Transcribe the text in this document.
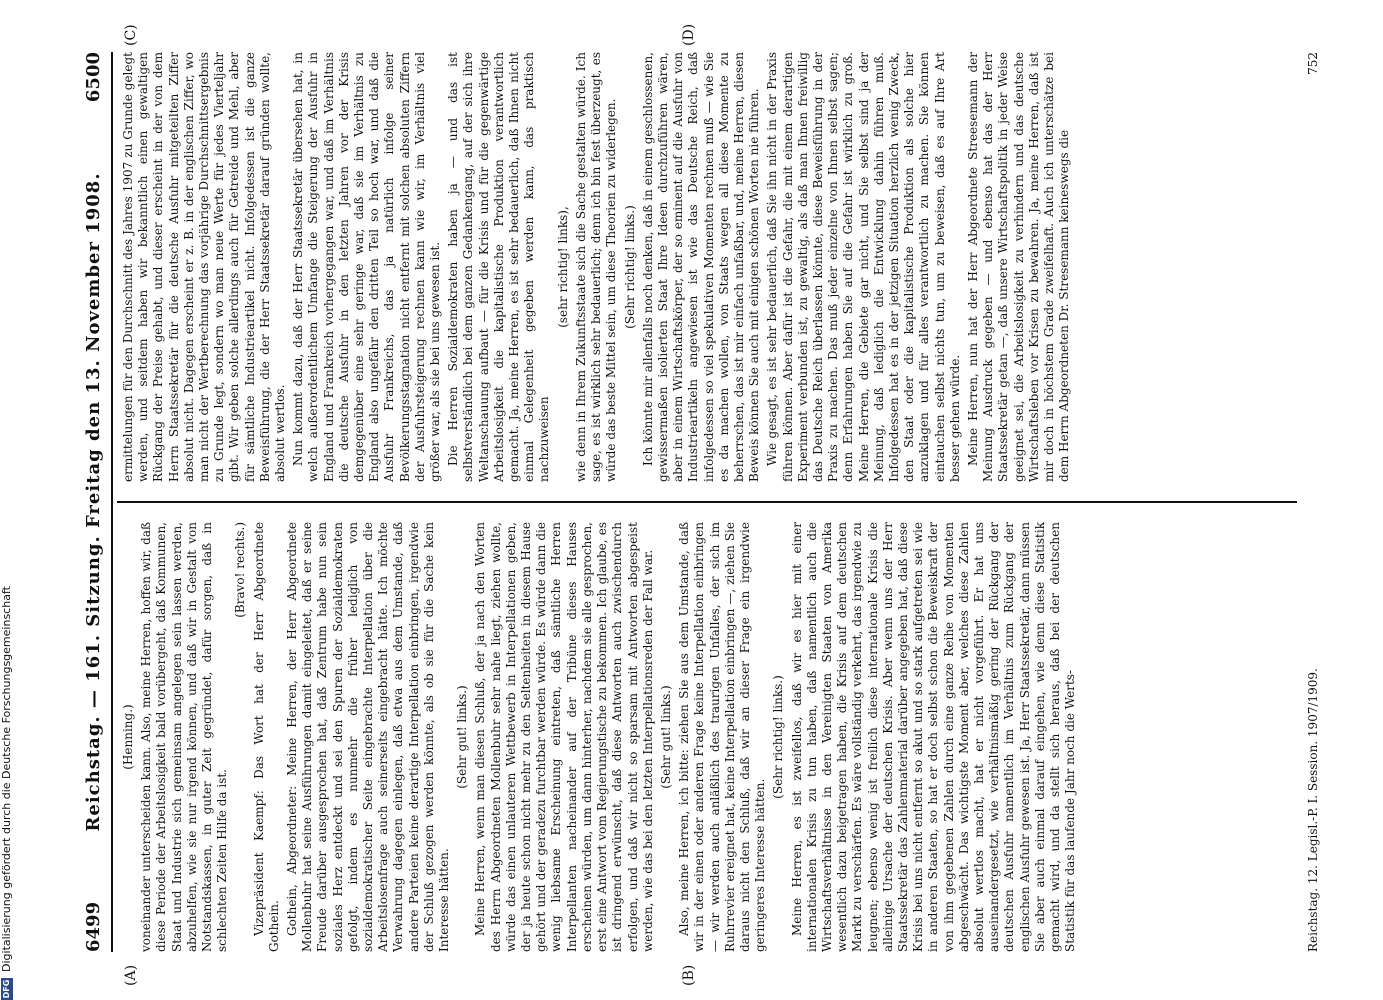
6499
Reichstag. — 161. Sitzung. Freitag den 13. November 1908.
6500
(A)	(B)
(C)	(D)

(Henning.) voneinander unterscheiden kann. Also, meine Herren, hoffen wir, daß diese Periode der Arbeitslosigkeit bald vorübergeht, daß Kommunen, Staat und Industrie sich gemeinsam angelegen sein lassen werden, abzuhelfen, wie sie nur irgend können, und daß wir in Gestalt von Notstandskassen, in guter Zeit gegründet, dafür sorgen, daß in schlechten Zeiten Hilfe da ist.

(Bravo! rechts.) Vizepräsident Kaempf: Das Wort hat der Herr Abgeordnete Gothein. Gothein, Abgeordneter: Meine Herren, der Herr Abgeordnete Mollenbuhr hat seine Ausführungen damit eingeleitet, daß er seine Freude darüber ausgesprochen hat, daß Zentrum habe nun sein soziales Herz entdeckt und sei den Spuren der Sozialdemokraten gefolgt, indem es nunmehr die früher lediglich von sozialdemokratischer Seite eingebrachte Interpellation über die Arbeitslosenfrage auch seinerseits eingebracht hätte. Ich möchte Verwahrung dagegen einlegen, daß etwa aus dem Umstande, daß andere Parteien keine derartige Interpellation einbringen, irgendwie der Schluß gezogen werden könnte, als ob sie für die Sache kein Interesse hätten.

(Sehr gut! links.) Meine Herren, wenn man diesen Schluß, der ja nach den Worten des Herrn Abgeordneten Mollenbuhr sehr nahe liegt, ziehen wollte, würde das einen unlauteren Wettbewerb in Interpellationen geben, der ja heute schon nicht mehr zu den Seltenheiten in diesem Hause gehört und der geradezu furchtbar werden würde. Es würde dann die wenig liebsame Erscheinung eintreten, daß sämtliche Herren Interpellanten nacheinander auf der Tribüne dieses Hauses erscheinen würden, um dann hinterher, nachdem sie alle gesprochen, erst eine Antwort vom Regierungstische zu bekommen. Ich glaube, es ist dringend erwünscht, daß diese Antworten auch zwischendurch erfolgen, und daß wir nicht so sparsam mit Antworten abgespeist werden, wie das bei den letzten Interpellationsreden der Fall war. (Sehr gut! links.) Also, meine Herren, ich bitte: ziehen Sie aus dem Umstande, daß wir in der einen oder anderen Frage keine Interpellation einbringen — wir werden auch anläßlich des traurigen Unfalles, der sich im Ruhrrevier ereignet hat, keine Interpellation einbringen —, ziehen Sie daraus nicht den Schluß, daß wir an dieser Frage ein irgendwie geringeres Interesse hätten.

(Sehr richtig! links.) Meine Herren, es ist zweifellos, daß wir es hier mit einer internationalen Krisis zu tun haben, daß namentlich auch die Wirtschaftsverhältnisse in den Vereinigten Staaten von Amerika wesentlich dazu beigetragen haben, die Krisis auf dem deutschen Markt zu verschärfen. Es wäre vollständig verkehrt, das irgendwie zu leugnen; ebenso wenig ist freilich diese internationale Krisis die alleinige Ursache der deutschen Krisis. Aber wenn uns der Herr Staatssekretär das Zahlenmaterial darüber angegeben hat, daß diese Krisis bei uns nicht entfernt so akut und so stark aufgetreten sei wie in anderen Staaten, so hat er doch selbst schon die Beweiskraft der von ihm gegebenen Zahlen durch eine ganze Reihe von Momenten abgeschwächt. Das wichtigste Moment aber, welches diese Zahlen absolut wertlos macht, hat er nicht vorgeführt. Er hat uns auseinandergesetzt, wie verhältnismäßig gering der Rückgang der deutschen Ausfuhr namentlich im Verhältnis zum Rückgang der englischen Ausfuhr gewesen ist. Ja, Herr Staatssekretär, dann müssen Sie aber auch einmal darauf eingehen, wie denn diese Statistik gemacht wird, und da stellt sich heraus, daß bei der deutschen Statistik für das laufende Jahr noch die Werts-

ermittelungen für den Durchschnitt des Jahres 1907 zu Grunde gelegt werden, und seitdem haben wir bekanntlich einen gewaltigen Rückgang der Preise gehabt, und dieser erscheint in der von dem Herrn Staatssekretär für die deutsche Ausfuhr mitgeteilten Ziffer absolut nicht. Dagegen erscheint er z. B. in der englischen Ziffer, wo man nicht der Wertberechnung das vorjährige Durchschnittsergebnis zu Grunde legt, sondern wo man neue Werte für jedes Vierteljahr gibt. Wir geben solche allerdings auch für Getreide und Mehl, aber für sämtliche Industrieartikel nicht. Infolgedessen ist die ganze Beweisführung, die der Herr Staatssekretär darauf gründen wollte, absolut wertlos. Nun kommt dazu, daß der Herr Staatssekretär übersehen hat, in welch außerordentlichem Umfange die Steigerung der Ausfuhr in England und Frankreich vorhergegangen war, und daß im Verhältnis die deutsche Ausfuhr in den letzten Jahren vor der Krisis demgegenüber eine sehr geringe war, daß sie im Verhältnis zu England also ungefähr den dritten Teil so hoch war, und daß die Ausfuhr Frankreichs, das ja natürlich infolge seiner Bevölkerungsstagnation nicht entfernt mit solchen absoluten Ziffern der Ausfuhrsteigerung rechnen kann wie wir, im Verhältnis viel größer war, als sie bei uns gewesen ist. Die Herren Sozialdemokraten haben ja — und das ist selbstverständlich bei dem ganzen Gedankengang, auf der sich ihre Weltanschauung aufbaut — für die Krisis und für die gegenwärtige Arbeitslosigkeit die kapitalistische Produktion verantwortlich gemacht. Ja, meine Herren, es ist sehr bedauerlich, daß Ihnen nicht einmal Gelegenheit gegeben werden kann, das praktisch nachzuweisen

(sehr richtig! links), wie denn in Ihrem Zukunftsstaate sich die Sache gestalten würde. Ich sage, es ist wirklich sehr bedauerlich; denn ich bin fest überzeugt, es würde das beste Mittel sein, um diese Theorien zu widerlegen. (Sehr richtig! links.) Ich könnte mir allenfalls noch denken, daß in einem geschlossenen, gewissermaßen isolierten Staat Ihre Ideen durchzuführen wären, aber in einem Wirtschaftskörper, der so eminent auf die Ausfuhr von Industrieartikeln angewiesen ist wie das Deutsche Reich, daß infolgedessen so viel spekulativen Momenten rechnen muß — wie Sie es da machen wollen, von Staats wegen all diese Momente zu beherrschen, das ist mir einfach unfaßbar, und, meine Herren, diesen Beweis können Sie auch mit einigen schönen Worten nie führen. Wie gesagt, es ist sehr bedauerlich, daß Sie ihn nicht in der Praxis führen können. Aber dafür ist die Gefahr, die mit einem derartigen Experiment verbunden ist, zu gewaltig, als daß man Ihnen freiwillig das Deutsche Reich überlassen könnte, diese Beweisführung in der Praxis zu machen. Das muß jeder einzelne von Ihnen selbst sagen; denn Erfahrungen haben Sie auf die Gefahr ist wirklich zu groß. Meine Herren, die Gebiete gar nicht, und Sie selbst sind ja der Meinung, daß lediglich die Entwicklung dahin führen muß. Infolgedessen hat es in der jetzigen Situation herzlich wenig Zweck, den Staat oder die kapitalistische Produktion als solche hier anzuklagen und für alles verantwortlich zu machen. Sie können eintauchen selbst nichts tun, um zu beweisen, daß es auf Ihre Art besser gehen würde. Meine Herren, nun hat der Herr Abgeordnete Streesemann der Meinung Ausdruck gegeben — und ebenso hat das der Herr Staatssekretär getan —, daß unsere Wirtschaftspolitik in jeder Weise geeignet sei, die Arbeitslosigkeit zu verhindern und das deutsche Wirtschaftsleben vor Krisen zu bewahren. Ja, meine Herren, daß ist mir doch in höchstem Grade zweifelhaft. Auch ich unterschätze bei dem Herrn Abgeordneten Dr. Stresemann keineswegs die

Reichstag. 12. Legisl.-P. I. Session. 1907/1909.
752
DFGDigitalisierung gefördert durch die Deutsche Forschungsgemeinschaft
